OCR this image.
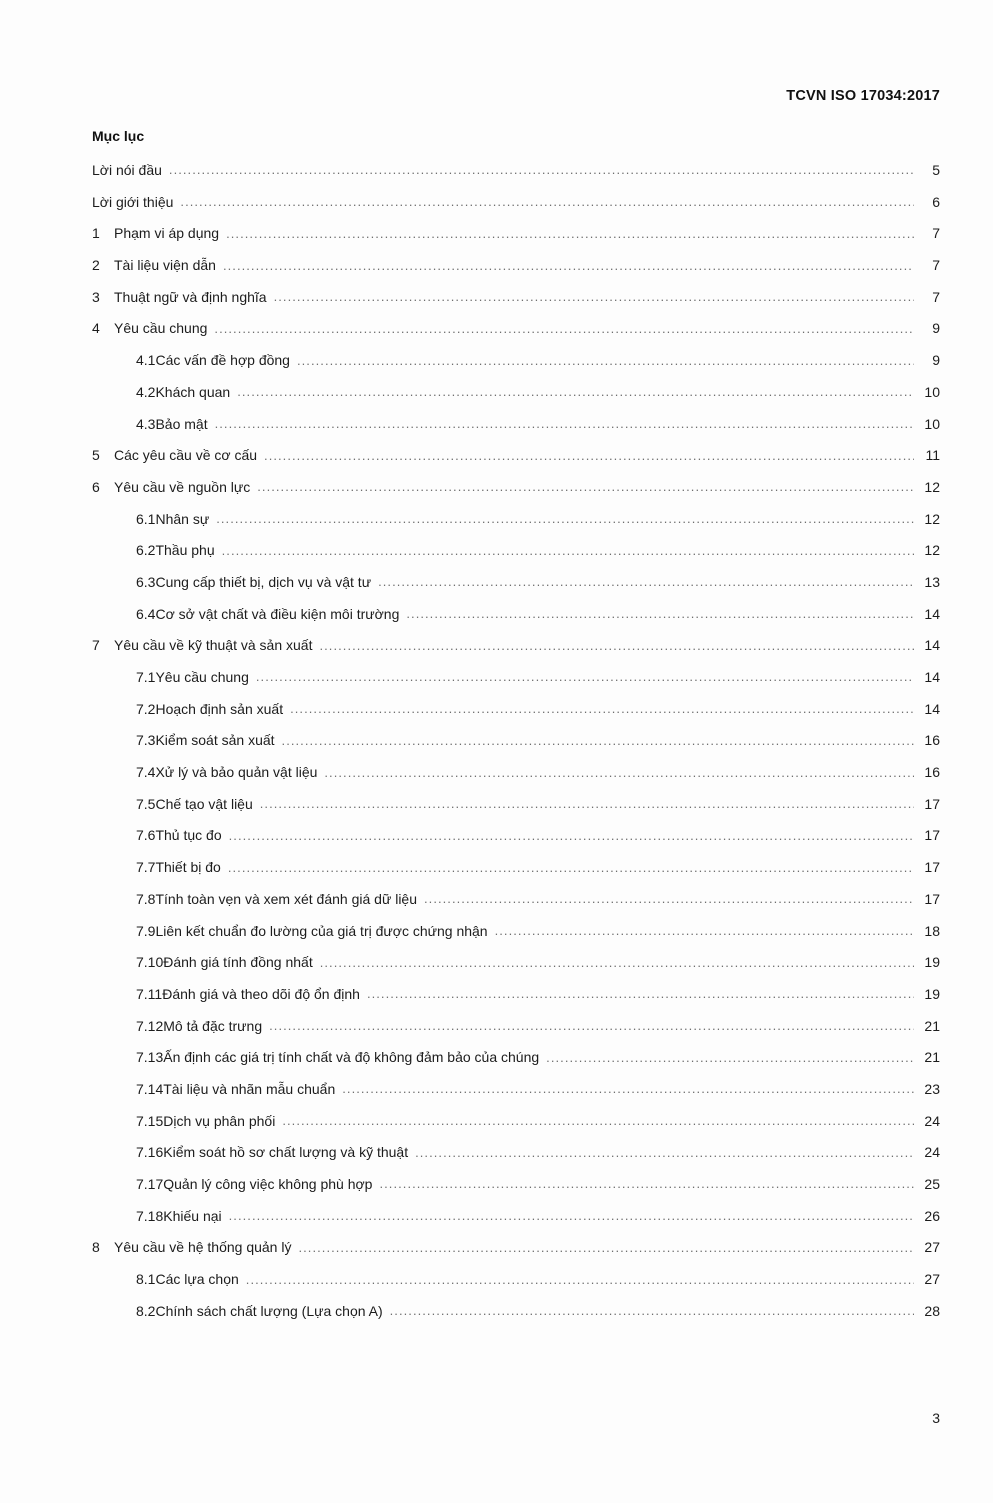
TCVN ISO 17034:2017
Mục lục
Lời nói đầu .....	5
Lời giới thiệu .....	6
1	Phạm vi áp dụng .....	7
2	Tài liệu viện dẫn .....	7
3	Thuật ngữ và định nghĩa .....	7
4	Yêu cầu chung .....	9
4.1 Các vấn đề hợp đồng .....	9
4.2 Khách quan .....	10
4.3 Bảo mật .....	10
5	Các yêu cầu về cơ cấu .....	11
6	Yêu cầu về nguồn lực .....	12
6.1 Nhân sự .....	12
6.2 Thầu phụ .....	12
6.3 Cung cấp thiết bị, dịch vụ và vật tư .....	13
6.4 Cơ sở vật chất và điều kiện môi trường .....	14
7	Yêu cầu về kỹ thuật và sản xuất .....	14
7.1 Yêu cầu chung .....	14
7.2 Hoạch định sản xuất .....	14
7.3 Kiểm soát sản xuất .....	16
7.4 Xử lý và bảo quản vật liệu .....	16
7.5 Chế tạo vật liệu .....	17
7.6 Thủ tục đo .....	17
7.7 Thiết bị đo .....	17
7.8 Tính toàn vẹn và xem xét đánh giá dữ liệu .....	17
7.9 Liên kết chuẩn đo lường của giá trị được chứng nhận .....	18
7.10 Đánh giá tính đồng nhất .....	19
7.11 Đánh giá và theo dõi độ ổn định .....	19
7.12 Mô tả đặc trưng .....	21
7.13 Ấn định các giá trị tính chất và độ không đảm bảo của chúng .....	21
7.14 Tài liệu và nhãn mẫu chuẩn .....	23
7.15 Dịch vụ phân phối .....	24
7.16 Kiểm soát hồ sơ chất lượng và kỹ thuật .....	24
7.17 Quản lý công việc không phù hợp .....	25
7.18 Khiếu nại .....	26
8	Yêu cầu về hệ thống quản lý .....	27
8.1 Các lựa chọn .....	27
8.2 Chính sách chất lượng (Lựa chọn A) .....	28
3
